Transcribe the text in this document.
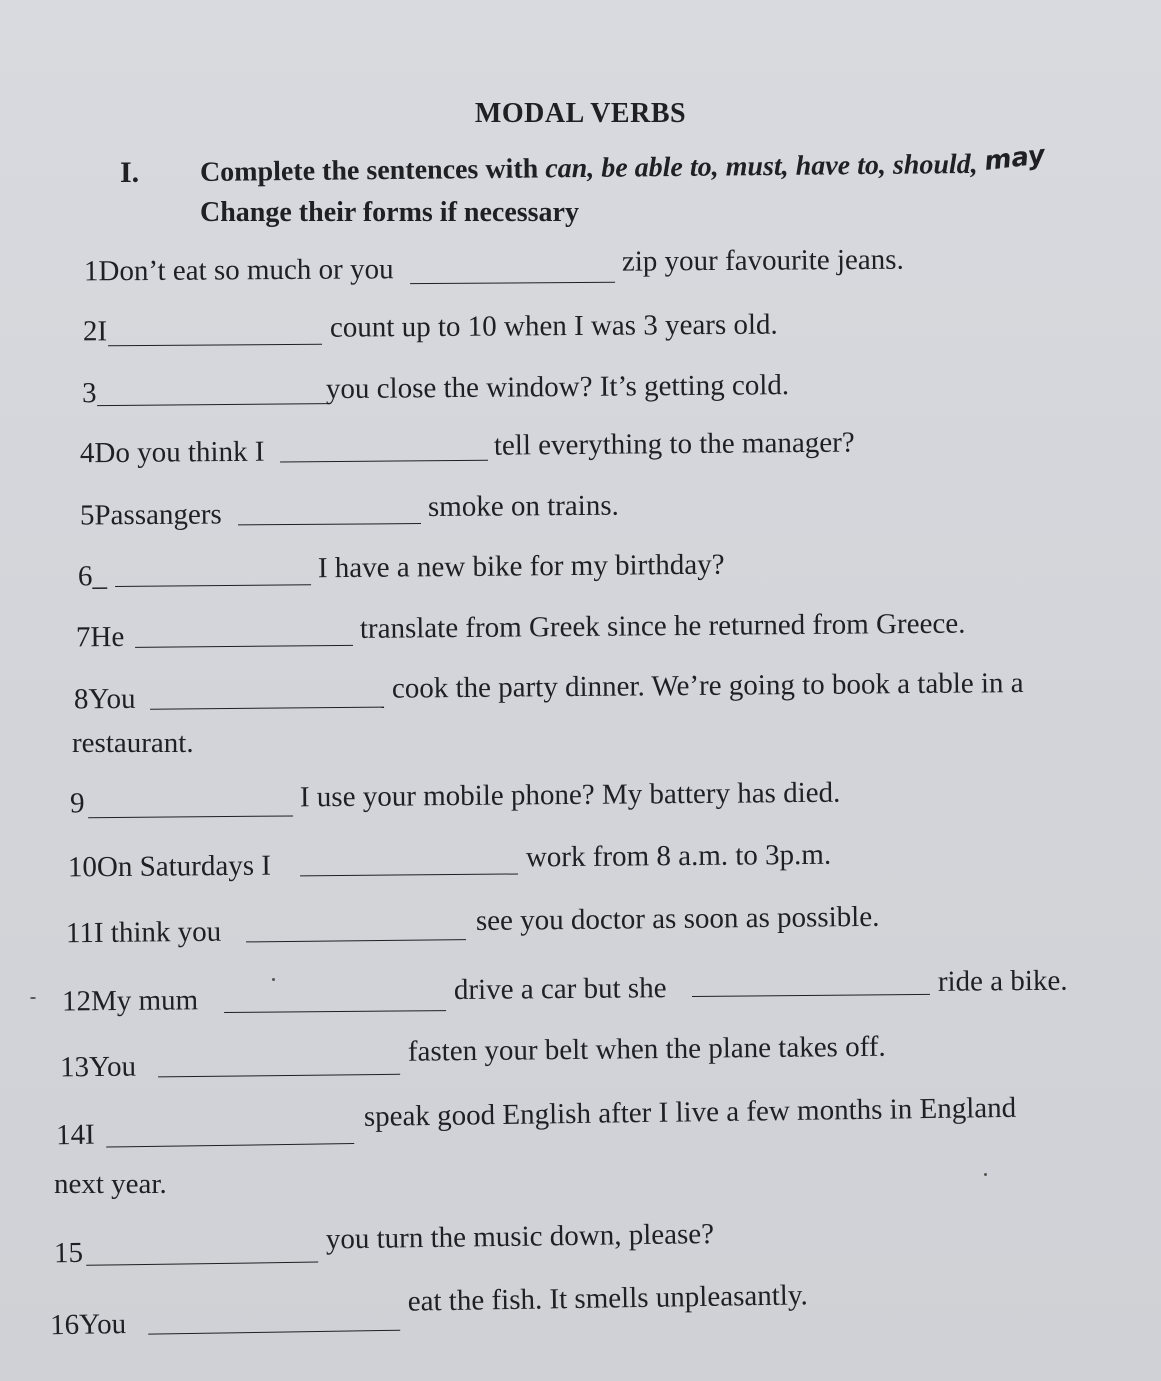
MODAL VERBS
I. Complete the sentences with can, be able to, must, have to, should, may
Change their forms if necessary
1Don’t eat so much or you	zip your favourite jeans.
2I	count up to 10 when I was 3 years old.
3	you close the window? It’s getting cold.
4Do you think I	tell everything to the manager?
5Passangers	smoke on trains.
6_	I have a new bike for my birthday?
7He	translate from Greek since he returned from Greece.
8You	cook the party dinner. We’re going to book a table in a
restaurant.
9	I use your mobile phone? My battery has died.
10On Saturdays I	work from 8 a.m. to 3p.m.
11I think you	see you doctor as soon as possible.
12My mum	drive a car but she	ride a bike.
13You	fasten your belt when the plane takes off.
14I
speak good English after I live a few months in England
next year.
15	you turn the music down, please?
16You
eat the fish. It smells unpleasantly.
